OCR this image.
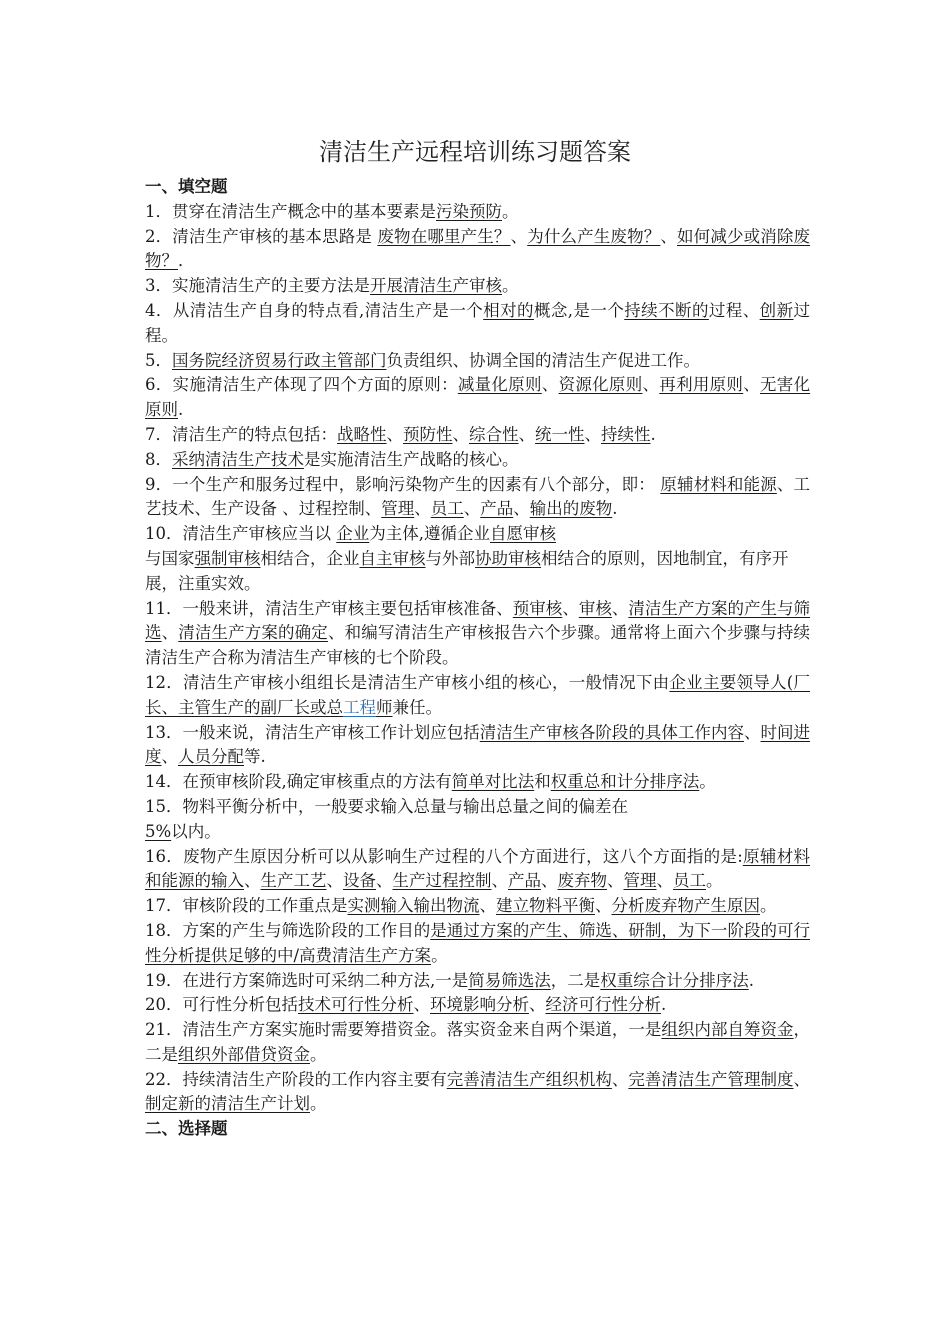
清洁生产远程培训练习题答案
一、填空题

1．贯穿在清洁生产概念中的基本要素是污染预防。

2．清洁生产审核的基本思路是 废物在哪里产生？、为什么产生废物？、如何减少或消除废物？．

3．实施清洁生产的主要方法是开展清洁生产审核。

4．从清洁生产自身的特点看,清洁生产是一个相对的概念,是一个持续不断的过程、创新过程。

5．国务院经济贸易行政主管部门负责组织、协调全国的清洁生产促进工作。

6．实施清洁生产体现了四个方面的原则：减量化原则、资源化原则、再利用原则、无害化原则.

7．清洁生产的特点包括：战略性、预防性、综合性、统一性、持续性.

8．采纳清洁生产技术是实施清洁生产战略的核心。

9．一个生产和服务过程中，影响污染物产生的因素有八个部分，即： 原辅材料和能源、工艺技术、生产设备 、过程控制、管理、员工、产品、输出的废物.

10．清洁生产审核应当以 企业为主体,遵循企业自愿审核
与国家强制审核相结合，企业自主审核与外部协助审核相结合的原则，因地制宜，有序开展，注重实效。

11．一般来讲，清洁生产审核主要包括审核准备、预审核、审核、清洁生产方案的产生与筛选、清洁生产方案的确定、和编写清洁生产审核报告六个步骤。通常将上面六个步骤与持续清洁生产合称为清洁生产审核的七个阶段。

12．清洁生产审核小组组长是清洁生产审核小组的核心，一般情况下由企业主要领导人(厂长、主管生产的副厂长或总工程师兼任。

13．一般来说，清洁生产审核工作计划应包括清洁生产审核各阶段的具体工作内容、时间进度、人员分配等.

14．在预审核阶段,确定审核重点的方法有简单对比法和权重总和计分排序法。

15．物料平衡分析中，一般要求输入总量与输出总量之间的偏差在
5%以内。

16．废物产生原因分析可以从影响生产过程的八个方面进行，这八个方面指的是:原辅材料和能源的输入、生产工艺、设备、生产过程控制、产品、废弃物、管理、员工。

17．审核阶段的工作重点是实测输入输出物流、建立物料平衡、分析废弃物产生原因。

18．方案的产生与筛选阶段的工作目的是通过方案的产生、筛选、研制，为下一阶段的可行性分析提供足够的中/高费清洁生产方案。

19．在进行方案筛选时可采纳二种方法,一是简易筛选法，二是权重综合计分排序法.

20．可行性分析包括技术可行性分析、环境影响分析、经济可行性分析.

21．清洁生产方案实施时需要筹措资金。落实资金来自两个渠道，一是组织内部自筹资金，二是组织外部借贷资金。

22．持续清洁生产阶段的工作内容主要有完善清洁生产组织机构、完善清洁生产管理制度、制定新的清洁生产计划。

二、选择题
